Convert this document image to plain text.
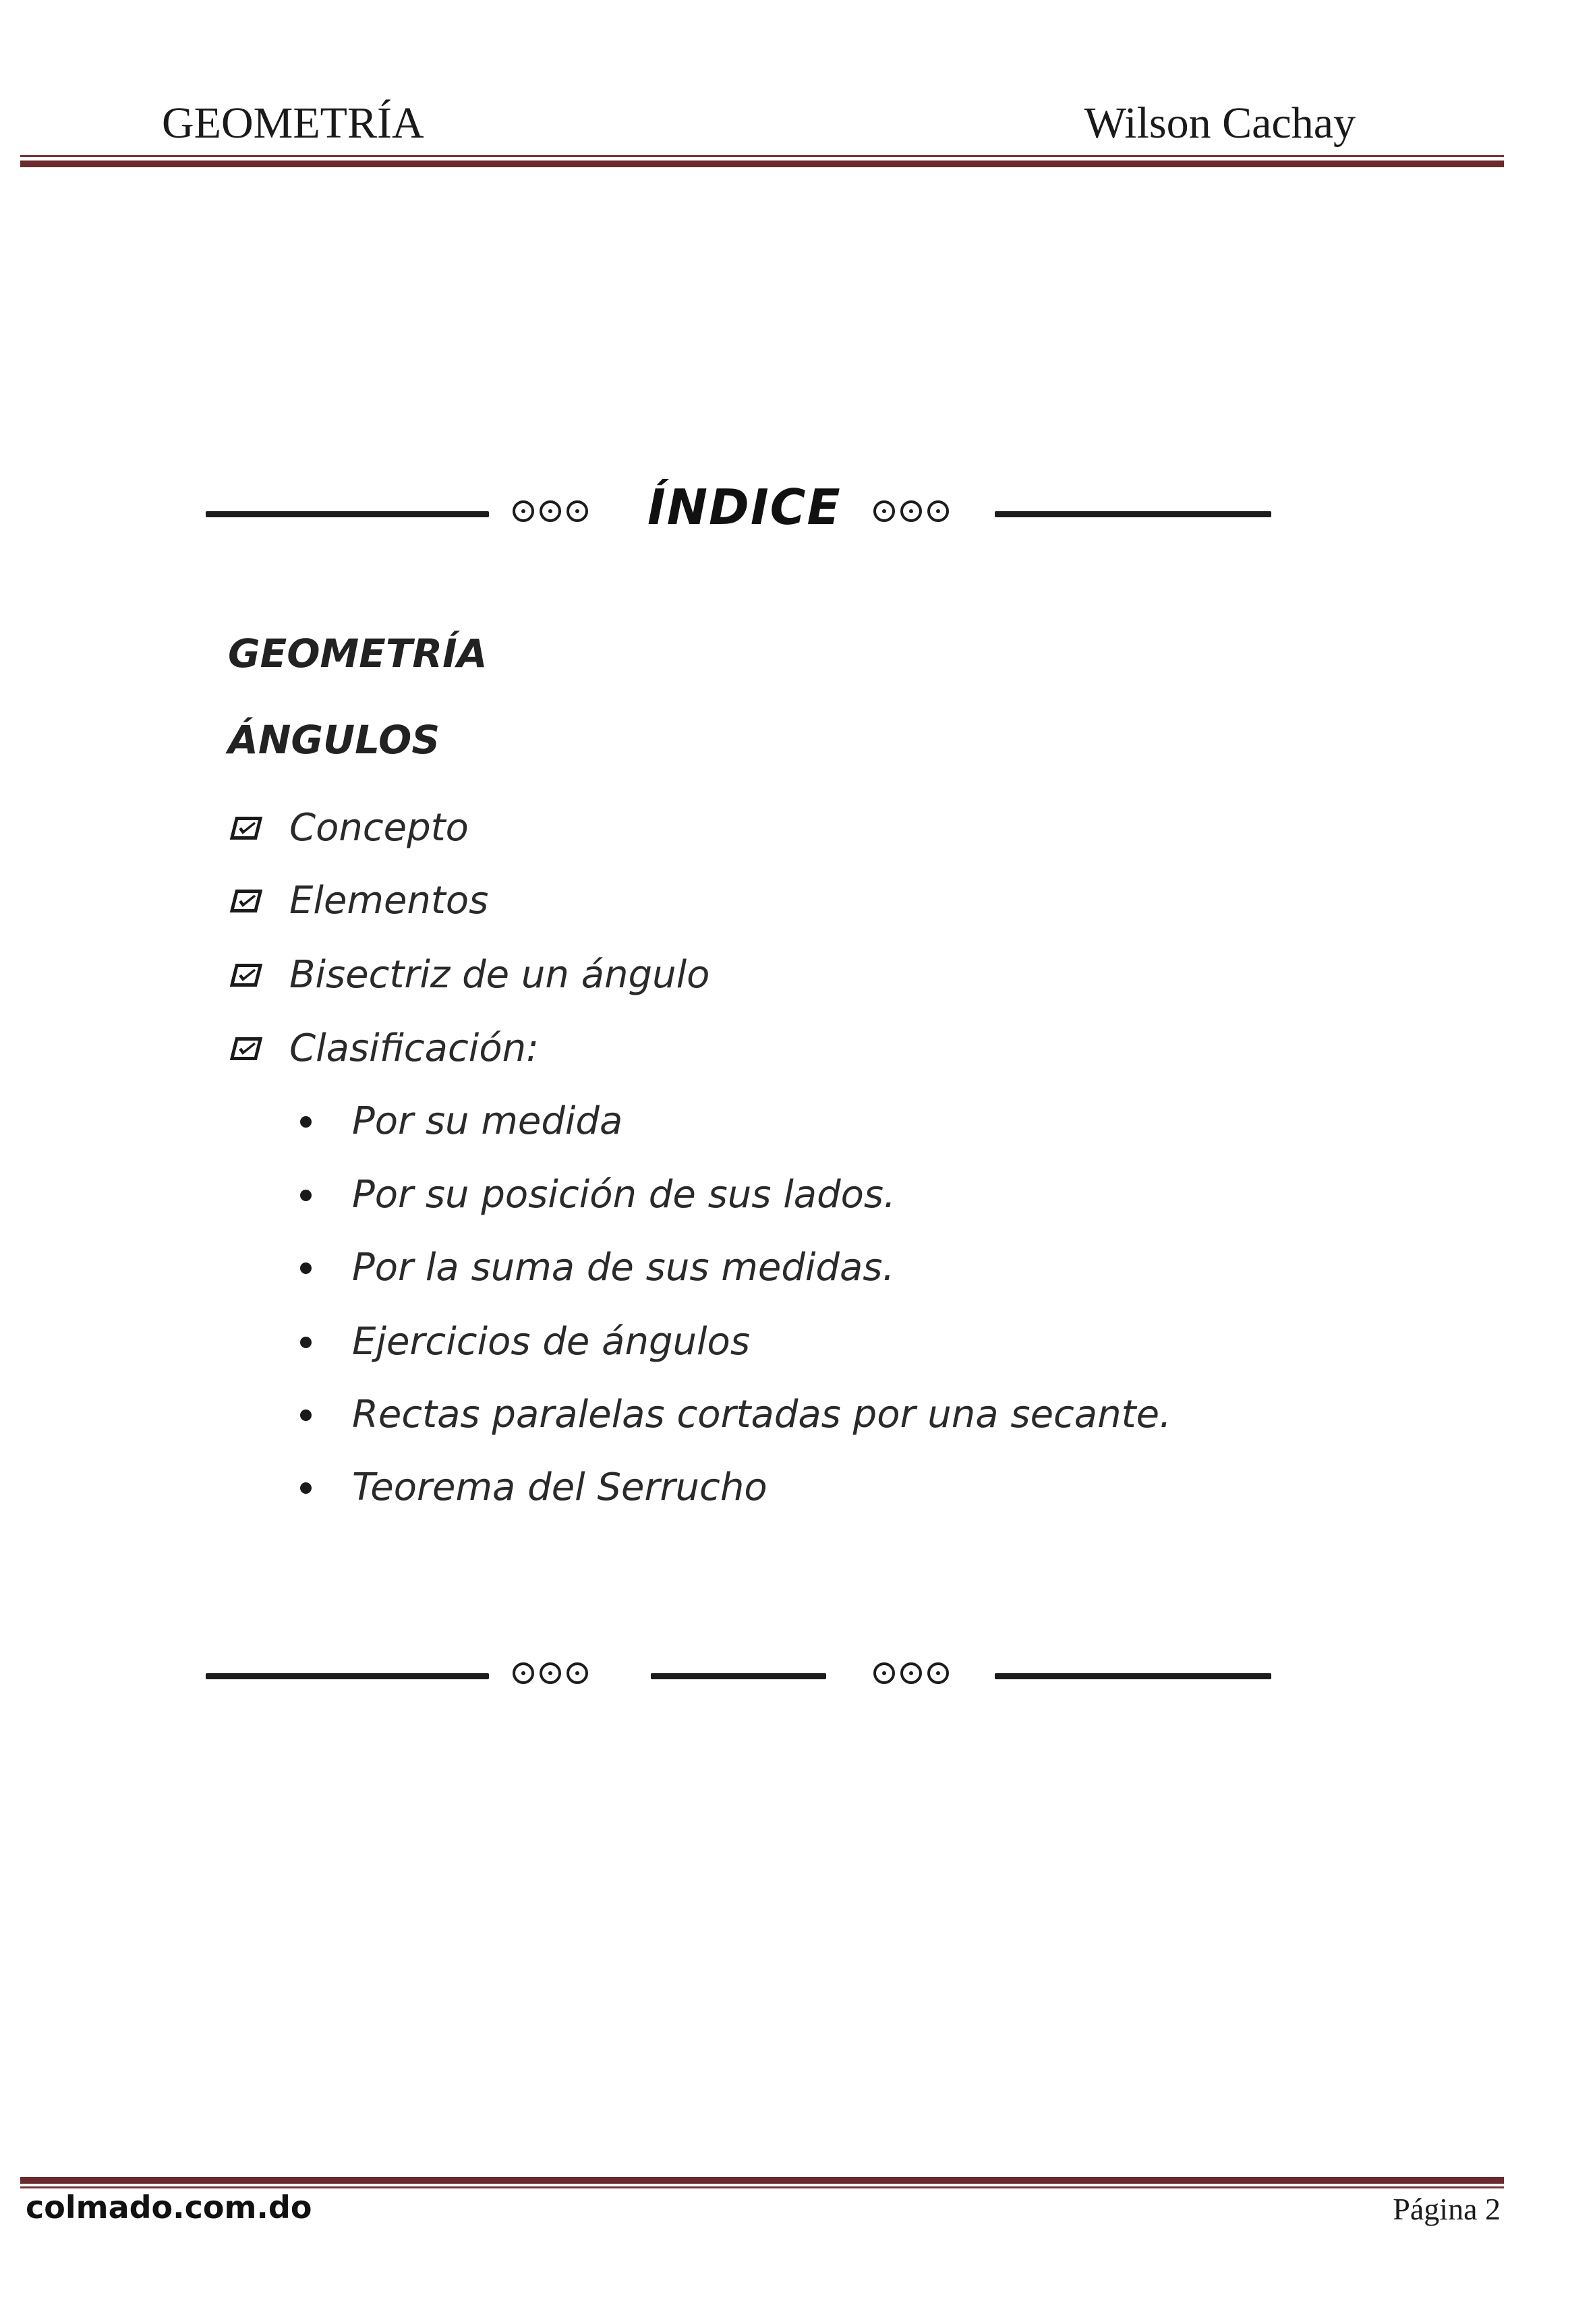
GEOMETRÍA	Wilson Cachay
ÍNDICE
GEOMETRÍA
ÁNGULOS
Concepto
Elementos
Bisectriz de un ángulo
Clasificación:
Por su medida
Por su posición de sus lados.
Por la suma de sus medidas.
Ejercicios de ángulos
Rectas paralelas cortadas por una secante.
Teorema del Serrucho
colmado.com.do	Página 2
